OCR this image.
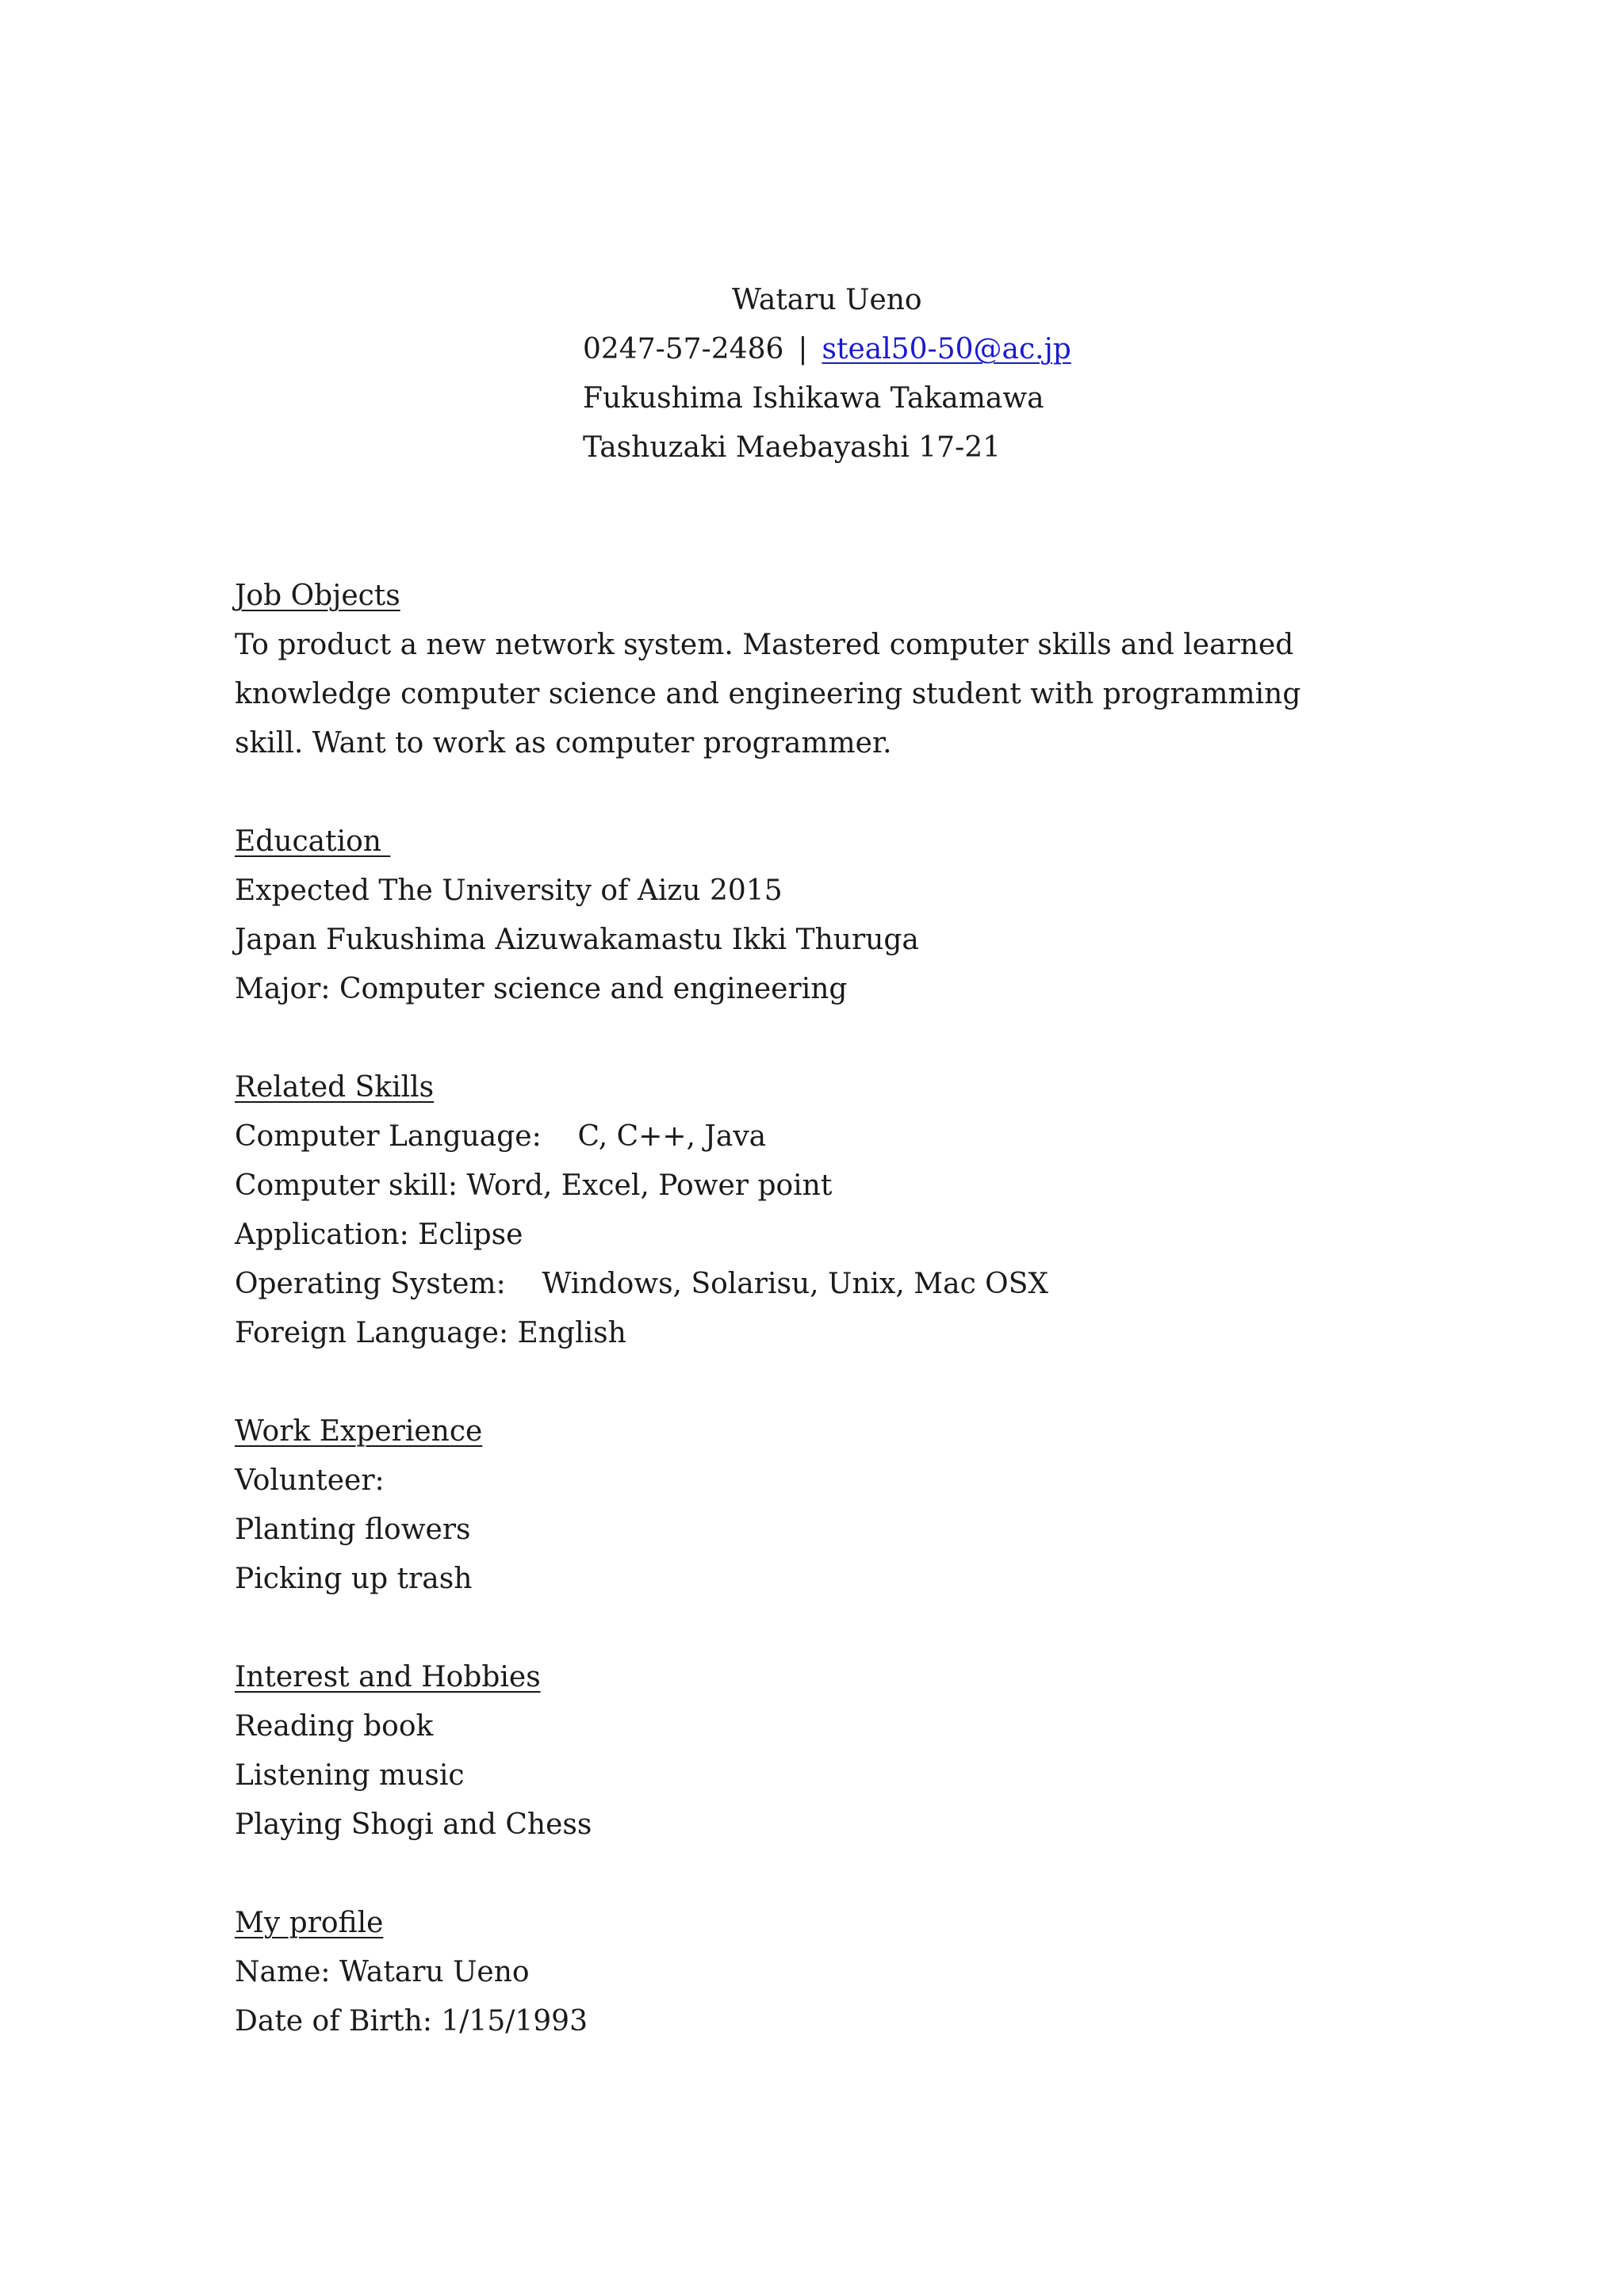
Wataru Ueno
0247-57-2486 | steal50-50@ac.jp
Fukushima Ishikawa Takamawa
Tashuzaki Maebayashi 17-21
Job Objects
To product a new network system. Mastered computer skills and learned knowledge computer science and engineering student with programming skill. Want to work as computer programmer.
Education
Expected The University of Aizu 2015
Japan Fukushima Aizuwakamastu Ikki Thuruga
Major: Computer science and engineering
Related Skills
Computer Language:    C, C++, Java
Computer skill: Word, Excel, Power point
Application: Eclipse
Operating System:    Windows, Solarisu, Unix, Mac OSX
Foreign Language: English
Work Experience
Volunteer:
Planting flowers
Picking up trash
Interest and Hobbies
Reading book
Listening music
Playing Shogi and Chess
My profile
Name: Wataru Ueno
Date of Birth: 1/15/1993
